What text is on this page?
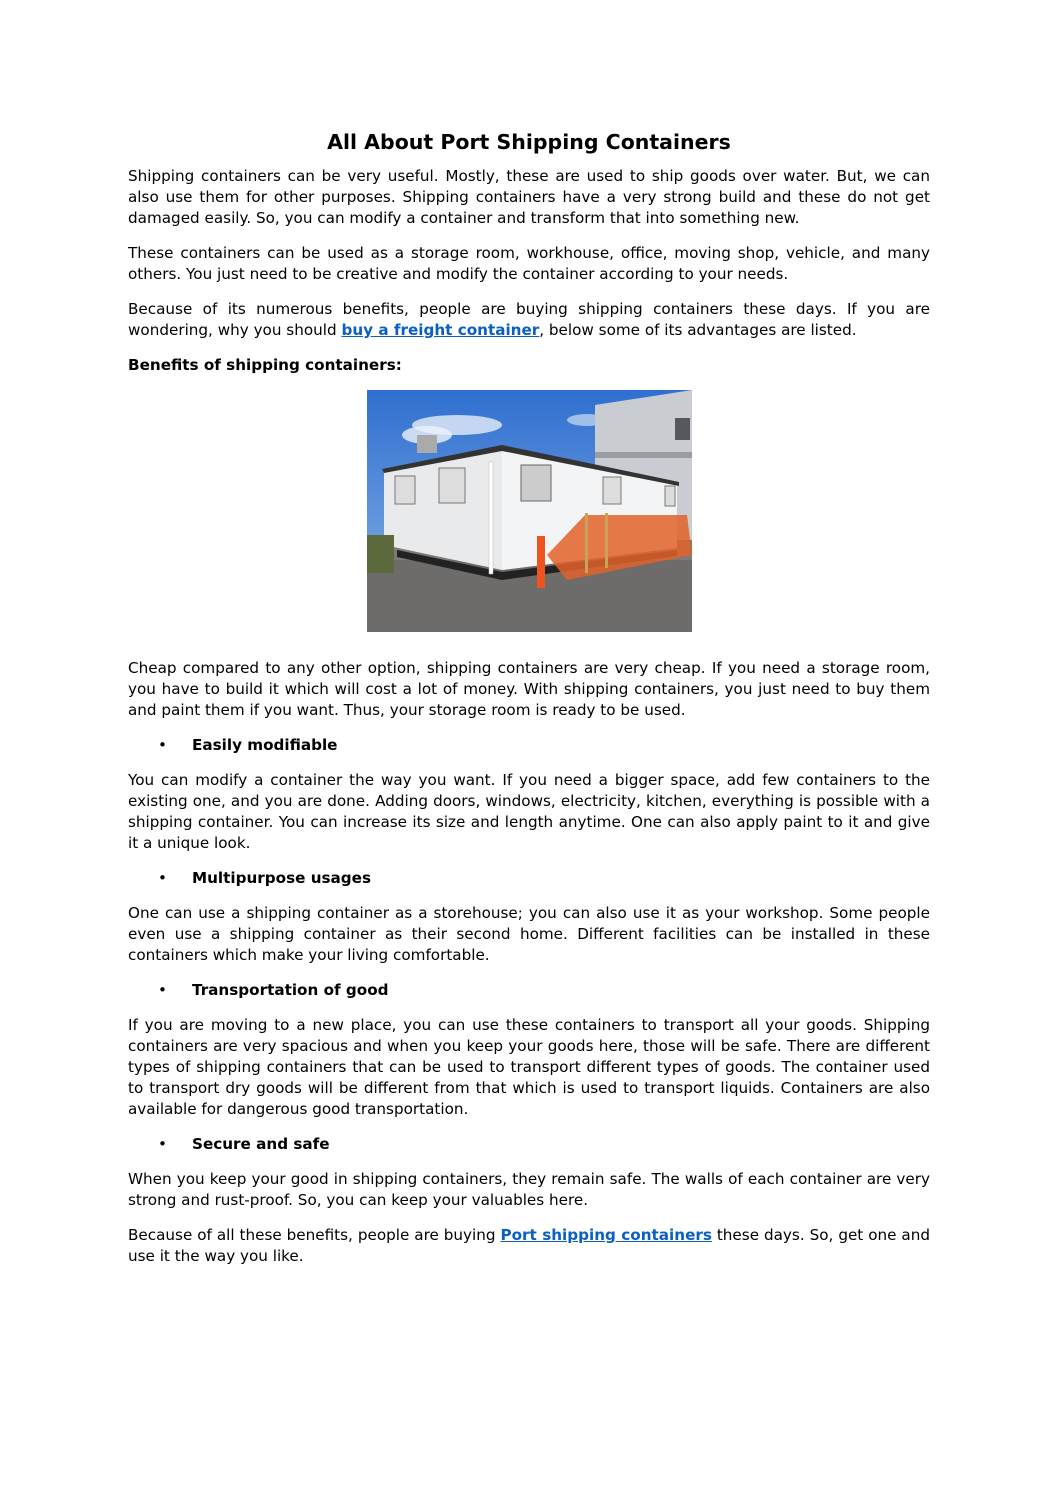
All About Port Shipping Containers

Shipping containers can be very useful. Mostly, these are used to ship goods over water. But, we can also use them for other purposes. Shipping containers have a very strong build and these do not get damaged easily. So, you can modify a container and transform that into something new.

These containers can be used as a storage room, workhouse, office, moving shop, vehicle, and many others. You just need to be creative and modify the container according to your needs.

Because of its numerous benefits, people are buying shipping containers these days. If you are wondering, why you should buy a freight container, below some of its advantages are listed.

Benefits of shipping containers:

Cheap compared to any other option, shipping containers are very cheap. If you need a storage room, you have to build it which will cost a lot of money. With shipping containers, you just need to buy them and paint them if you want. Thus, your storage room is ready to be used.

• Easily modifiable

You can modify a container the way you want. If you need a bigger space, add few containers to the existing one, and you are done. Adding doors, windows, electricity, kitchen, everything is possible with a shipping container. You can increase its size and length anytime. One can also apply paint to it and give it a unique look.

• Multipurpose usages

One can use a shipping container as a storehouse; you can also use it as your workshop. Some people even use a shipping container as their second home. Different facilities can be installed in these containers which make your living comfortable.

• Transportation of good

If you are moving to a new place, you can use these containers to transport all your goods. Shipping containers are very spacious and when you keep your goods here, those will be safe. There are different types of shipping containers that can be used to transport different types of goods. The container used to transport dry goods will be different from that which is used to transport liquids. Containers are also available for dangerous good transportation.

• Secure and safe

When you keep your good in shipping containers, they remain safe. The walls of each container are very strong and rust-proof. So, you can keep your valuables here.

Because of all these benefits, people are buying Port shipping containers these days. So, get one and use it the way you like.
